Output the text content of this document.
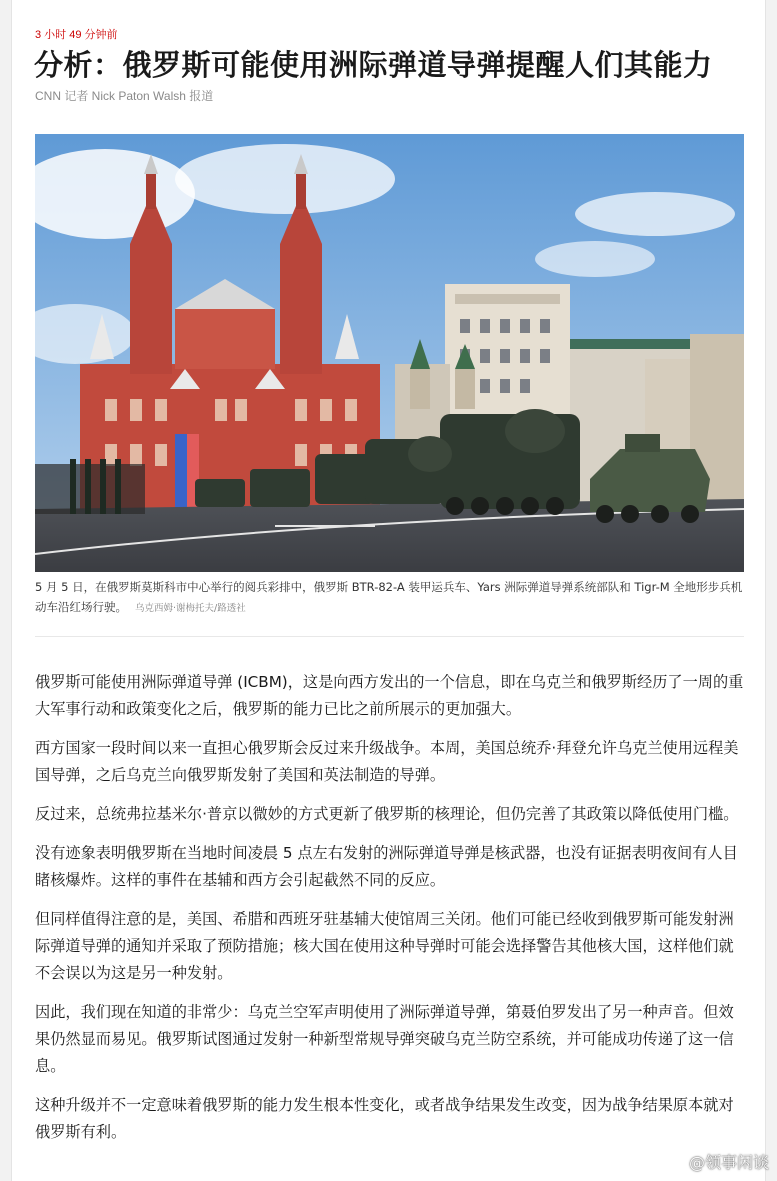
3 小时 49 分钟前
分析：俄罗斯可能使用洲际弹道导弹提醒人们其能力
CNN 记者 Nick Paton Walsh 报道

5 月 5 日，在俄罗斯莫斯科市中心举行的阅兵彩排中，俄罗斯 BTR-82-A 装甲运兵车、Yars 洲际弹道导弹系统部队和 Tigr-M 全地形步兵机动车沿红场行驶。 乌克西姆·谢梅托夫/路透社

俄罗斯可能使用洲际弹道导弹 (ICBM)，这是向西方发出的一个信息，即在乌克兰和俄罗斯经历了一周的重大军事行动和政策变化之后，俄罗斯的能力已比之前所展示的更加强大。

西方国家一段时间以来一直担心俄罗斯会反过来升级战争。本周，美国总统乔·拜登允许乌克兰使用远程美国导弹，之后乌克兰向俄罗斯发射了美国和英法制造的导弹。

反过来，总统弗拉基米尔·普京以微妙的方式更新了俄罗斯的核理论，但仍完善了其政策以降低使用门槛。

没有迹象表明俄罗斯在当地时间凌晨 5 点左右发射的洲际弹道导弹是核武器，也没有证据表明夜间有人目睹核爆炸。这样的事件在基辅和西方会引起截然不同的反应。

但同样值得注意的是，美国、希腊和西班牙驻基辅大使馆周三关闭。他们可能已经收到俄罗斯可能发射洲际弹道导弹的通知并采取了预防措施；核大国在使用这种导弹时可能会选择警告其他核大国，这样他们就不会误以为这是另一种发射。

因此，我们现在知道的非常少：乌克兰空军声明使用了洲际弹道导弹，第聂伯罗发出了另一种声音。但效果仍然显而易见。俄罗斯试图通过发射一种新型常规导弹突破乌克兰防空系统，并可能成功传递了这一信息。

这种升级并不一定意味着俄罗斯的能力发生根本性变化，或者战争结果发生改变，因为战争结果原本就对俄罗斯有利。

@领事闲谈
